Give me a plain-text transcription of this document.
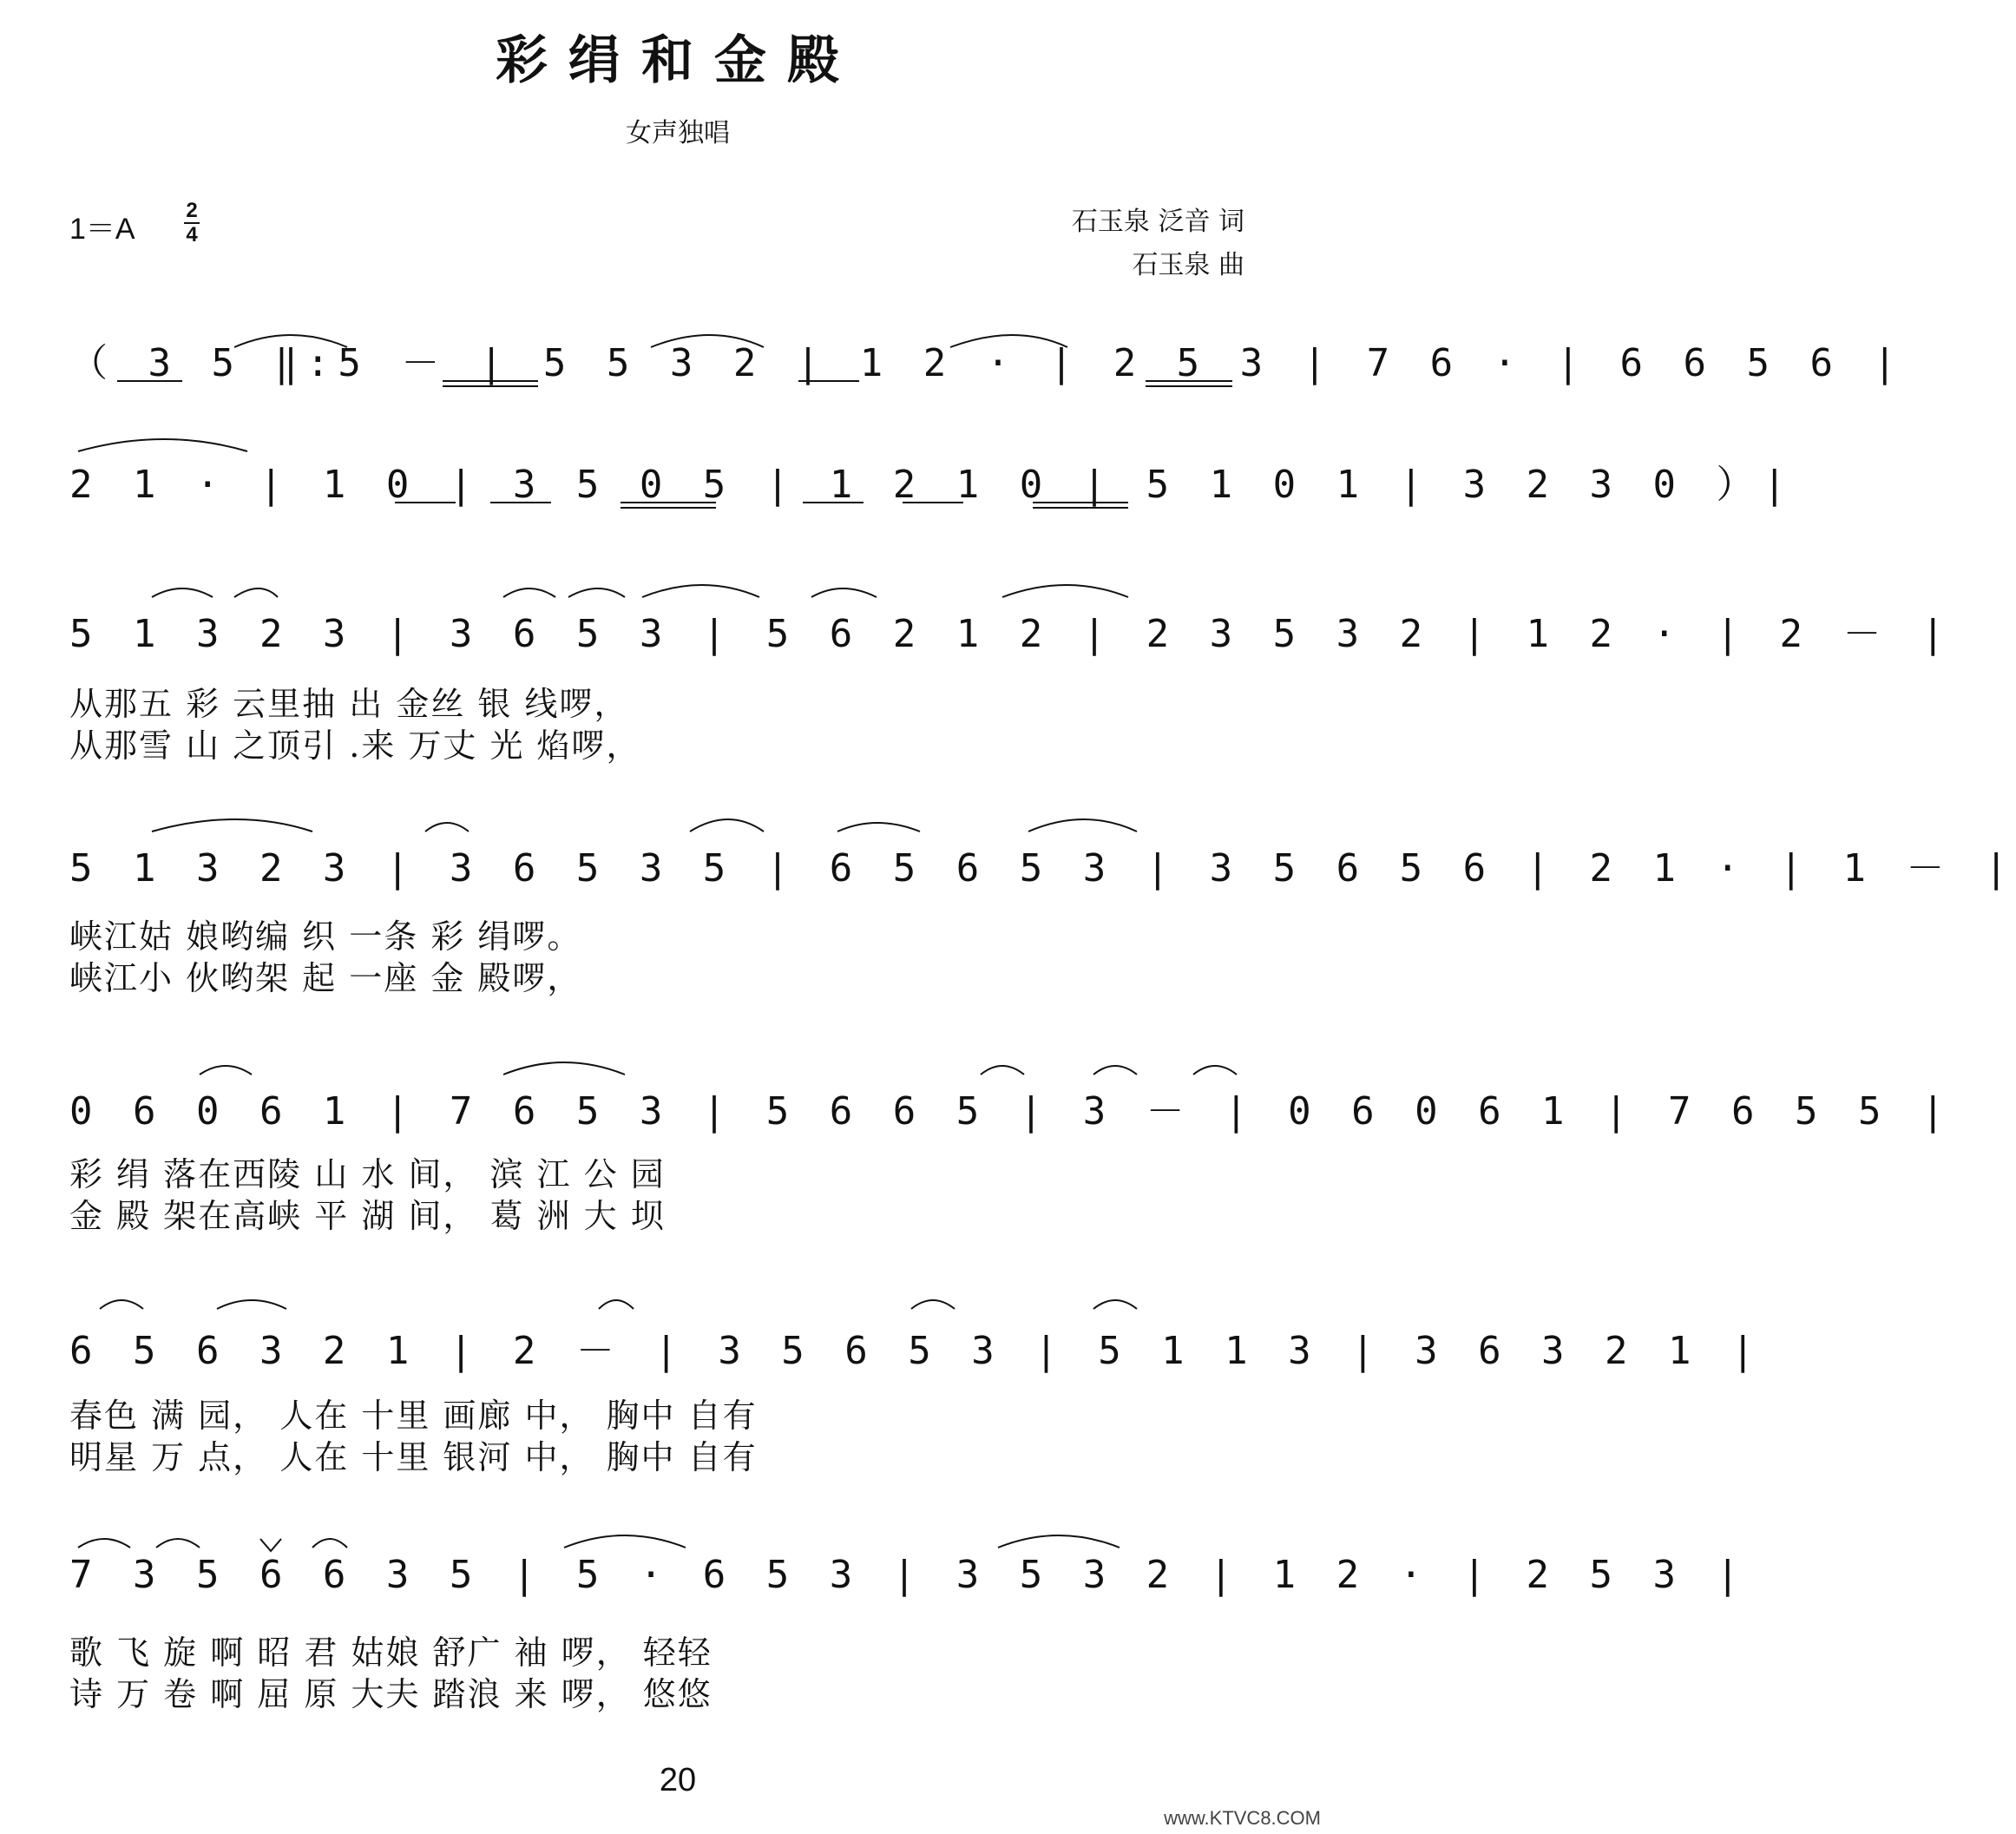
彩绢和金殿
女声独唱
1＝A
2
4	石玉泉 泛音 词
石玉泉 曲
（ 3 5 ‖:5 － | 5 5 3 2 | 1 2 · | 2 5 3 | 7 6 · | 6 6 5 6 |
2 1 · | 1 0 | 3 5 0 5 | 1 2 1 0 | 5 1 0 1 | 3 2 3 0 ）|
5 1 3 2 3 | 3 6 5 3 | 5 6 2 1 2 | 2 3 5 3 2 | 1 2 · | 2 － |
从那五 彩 云里抽 出 金丝 银 线啰，
从那雪 山 之顶引 .来 万丈 光 焰啰，
5 1 3 2 3 | 3 6 5 3 5 | 6 5 6 5 3 | 3 5 6 5 6 | 2 1 · | 1 － |
峡江姑 娘哟编 织 一条 彩 绢啰。
峡江小 伙哟架 起 一座 金 殿啰，
0 6 0 6 1 | 7 6 5 3 | 5 6 6 5 | 3 － | 0 6 0 6 1 | 7 6 5 5 |
彩 绢 落在西陵 山 水 间， 滨 江 公 园
金 殿 架在高峡 平 湖 间， 葛 洲 大 坝
6 5 6 3 2 1 | 2 － | 3 5 6 5 3 | 5 1 1 3 | 3 6 3 2 1 |
春色 满 园， 人在 十里 画廊 中， 胸中 自有
明星 万 点， 人在 十里 银河 中， 胸中 自有
7 3 5 6 6 3 5 | 5 · 6 5 3 | 3 5 3 2 | 1 2 · | 2 5 3 |
歌 飞 旋 啊 昭 君 姑娘 舒广 袖 啰， 轻轻
诗 万 卷 啊 屈 原 大夫 踏浪 来 啰， 悠悠
20
www.KTVC8.COM
